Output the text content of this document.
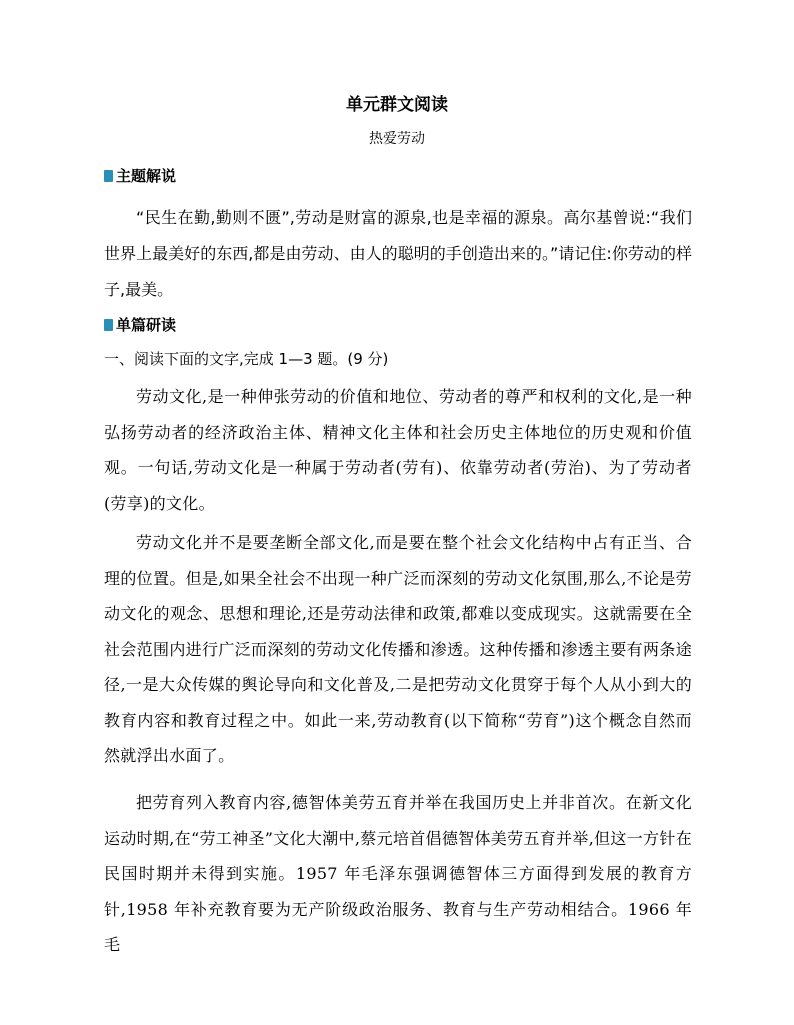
单元群文阅读
热爱劳动
主题解说
“民生在勤,勤则不匮”,劳动是财富的源泉,也是幸福的源泉。高尔基曾说:“我们世界上最美好的东西,都是由劳动、由人的聪明的手创造出来的。”请记住:你劳动的样子,最美。
单篇研读
一、阅读下面的文字,完成 1—3 题。(9 分)
劳动文化,是一种伸张劳动的价值和地位、劳动者的尊严和权利的文化,是一种弘扬劳动者的经济政治主体、精神文化主体和社会历史主体地位的历史观和价值观。一句话,劳动文化是一种属于劳动者(劳有)、依靠劳动者(劳治)、为了劳动者(劳享)的文化。
劳动文化并不是要垄断全部文化,而是要在整个社会文化结构中占有正当、合理的位置。但是,如果全社会不出现一种广泛而深刻的劳动文化氛围,那么,不论是劳动文化的观念、思想和理论,还是劳动法律和政策,都难以变成现实。这就需要在全社会范围内进行广泛而深刻的劳动文化传播和渗透。这种传播和渗透主要有两条途径,一是大众传媒的舆论导向和文化普及,二是把劳动文化贯穿于每个人从小到大的教育内容和教育过程之中。如此一来,劳动教育(以下简称“劳育”)这个概念自然而然就浮出水面了。
把劳育列入教育内容,德智体美劳五育并举在我国历史上并非首次。在新文化运动时期,在“劳工神圣”文化大潮中,蔡元培首倡德智体美劳五育并举,但这一方针在民国时期并未得到实施。1957 年毛泽东强调德智体三方面得到发展的教育方针,1958 年补充教育要为无产阶级政治服务、教育与生产劳动相结合。1966 年毛
